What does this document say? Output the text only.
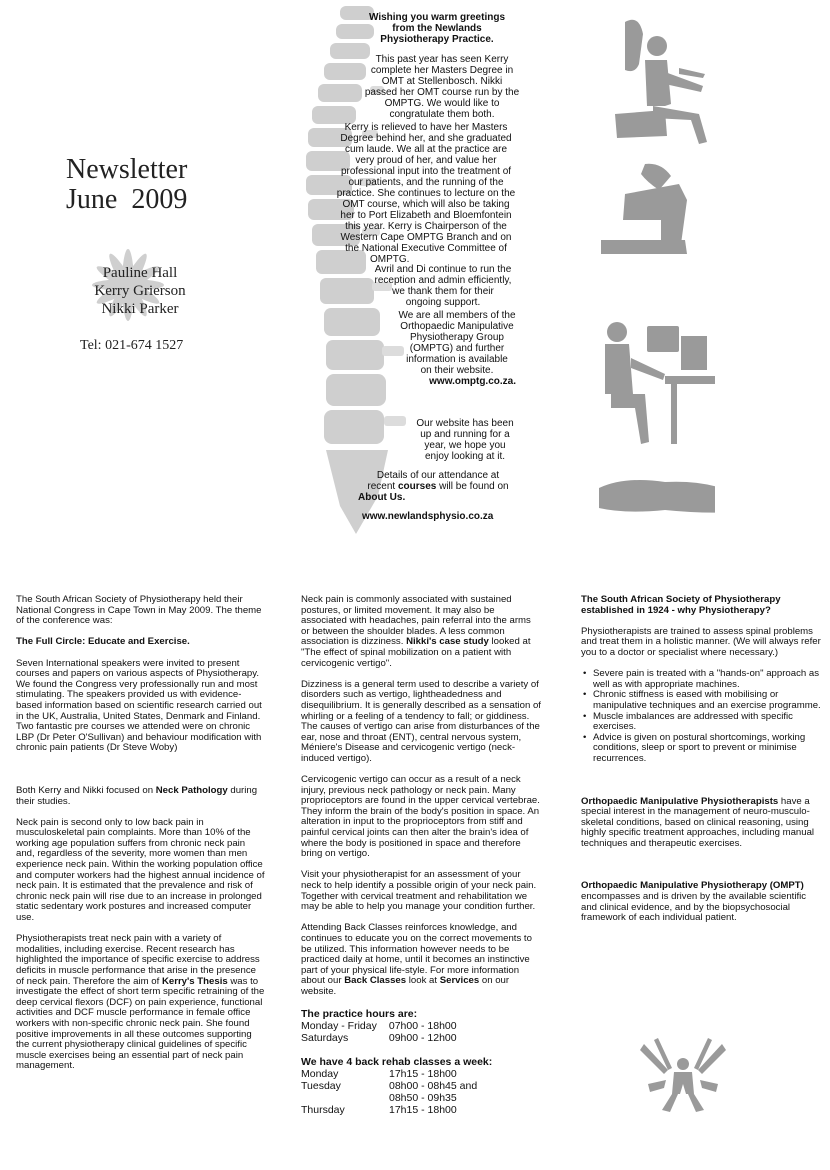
Newsletter
June  2009
Pauline Hall
Kerry Grierson
Nikki Parker
Tel: 021-674 1527
Wishing you warm greetings
from the Newlands
Physiotherapy Practice.
This past year has seen Kerry
complete her Masters Degree in
OMT at Stellenbosch. Nikki
passed her OMT course run by the
OMPTG. We would like to
congratulate them both.
Kerry is relieved to have her Masters
Degree behind her, and she graduated
cum laude. We all at the practice are
very proud of her, and value her
professional input into the treatment of
our patients, and the running of the
practice. She continues to lecture on the
OMT course, which will also be taking
her to Port Elizabeth and Bloemfontein
this year. Kerry is Chairperson of the
Western Cape OMPTG Branch and on
the National Executive Committee of
OMPTG.
Avril and Di continue to run the
reception and admin efficiently,
we thank them for their
ongoing support.
We are all members of the
Orthopaedic Manipulative
Physiotherapy Group
(OMPTG) and further
information is available
on their website.
www.omptg.co.za.
Our website has been
up and running for a
year, we hope you
enjoy looking at it.
Details of our attendance at
recent courses will be found on
About Us.
www.newlandsphysio.co.za

The South African Society of Physiotherapy held their National Congress in Cape Town in May 2009. The theme of the conference was:

The Full Circle: Educate and Exercise.

Seven International speakers were invited to present courses and papers on various aspects of Physiotherapy. We found the Congress very professionally run and most stimulating. The speakers provided us with evidence-based information based on scientific research carried out in the UK, Australia, United States, Denmark and Finland. Two fantastic pre courses we attended were on chronic LBP (Dr Peter O'Sullivan) and behaviour modification with chronic pain patients (Dr Steve Woby)

Both Kerry and Nikki focused on Neck Pathology during their studies.

Neck pain is second only to low back pain in musculoskeletal pain complaints. More than 10% of the working age population suffers from chronic neck pain and, regardless of the severity, more women than men experience neck pain. Within the working population office and computer workers had the highest annual incidence of neck pain. It is estimated that the prevalence and risk of chronic neck pain will rise due to an increase in prolonged static sedentary work postures and increased computer use.

Physiotherapists treat neck pain with a variety of modalities, including exercise. Recent research has highlighted the importance of specific exercise to address deficits in muscle performance that arise in the presence of neck pain. Therefore the aim of Kerry's Thesis was to investigate the effect of short term specific retraining of the deep cervical flexors (DCF) on pain experience, functional activities and DCF muscle performance in female office workers with non-specific chronic neck pain. She found positive improvements in all these outcomes supporting the current physiotherapy clinical guidelines of specific muscle exercises being an essential part of neck pain management.

Neck pain is commonly associated with sustained postures, or limited movement. It may also be associated with headaches, pain referral into the arms or between the shoulder blades. A less common association is dizziness. Nikki's case study looked at "The effect of spinal mobilization on a patient with cervicogenic vertigo".

Dizziness is a general term used to describe a variety of disorders such as vertigo, lightheadedness and disequilibrium. It is generally described as a sensation of whirling or a feeling of a tendency to fall; or giddiness. The causes of vertigo can arise from disturbances of the ear, nose and throat (ENT), central nervous system, Méniere's Disease and cervicogenic vertigo (neck-induced vertigo).

Cervicogenic vertigo can occur as a result of a neck injury, previous neck pathology or neck pain. Many proprioceptors are found in the upper cervical vertebrae. They inform the brain of the body's position in space. An alteration in input to the proprioceptors from stiff and painful cervical joints can then alter the brain's idea of where the body is positioned in space and therefore bring on vertigo.

Visit your physiotherapist for an assessment of your neck to help identify a possible origin of your neck pain. Together with cervical treatment and rehabilitation we may be able to help you manage your condition further.

Attending Back Classes reinforces knowledge, and continues to educate you on the correct movements to be utilized. This information however needs to be practiced daily at home, until it becomes an instinctive part of your physical life-style. For more information about our Back Classes look at Services on our website.

The practice hours are:
Monday - Friday	07h00 - 18h00
Saturdays	09h00 - 12h00
We have 4 back rehab classes a week:
Monday	17h15 - 18h00
Tuesday	08h00 - 08h45 and
	08h50 - 09h35
Thursday	17h15 - 18h00

The South African Society of Physiotherapy established in 1924 - why Physiotherapy?

Physiotherapists are trained to assess spinal problems and treat them in a holistic manner. (We will always refer you to a doctor or specialist where necessary.)

• Severe pain is treated with a "hands-on" approach as well as with appropriate machines.
• Chronic stiffness is eased with mobilising or manipulative techniques and an exercise programme.
• Muscle imbalances are addressed with specific exercises.
• Advice is given on postural shortcomings, working conditions, sleep or sport to prevent or minimise recurrences.

Orthopaedic Manipulative Physiotherapists have a special interest in the management of neuro-musculo-skeletal conditions, based on clinical reasoning, using highly specific treatment approaches, including manual techniques and therapeutic exercises.

Orthopaedic Manipulative Physiotherapy (OMPT) encompasses and is driven by the available scientific and clinical evidence, and by the biopsychosocial framework of each individual patient.
